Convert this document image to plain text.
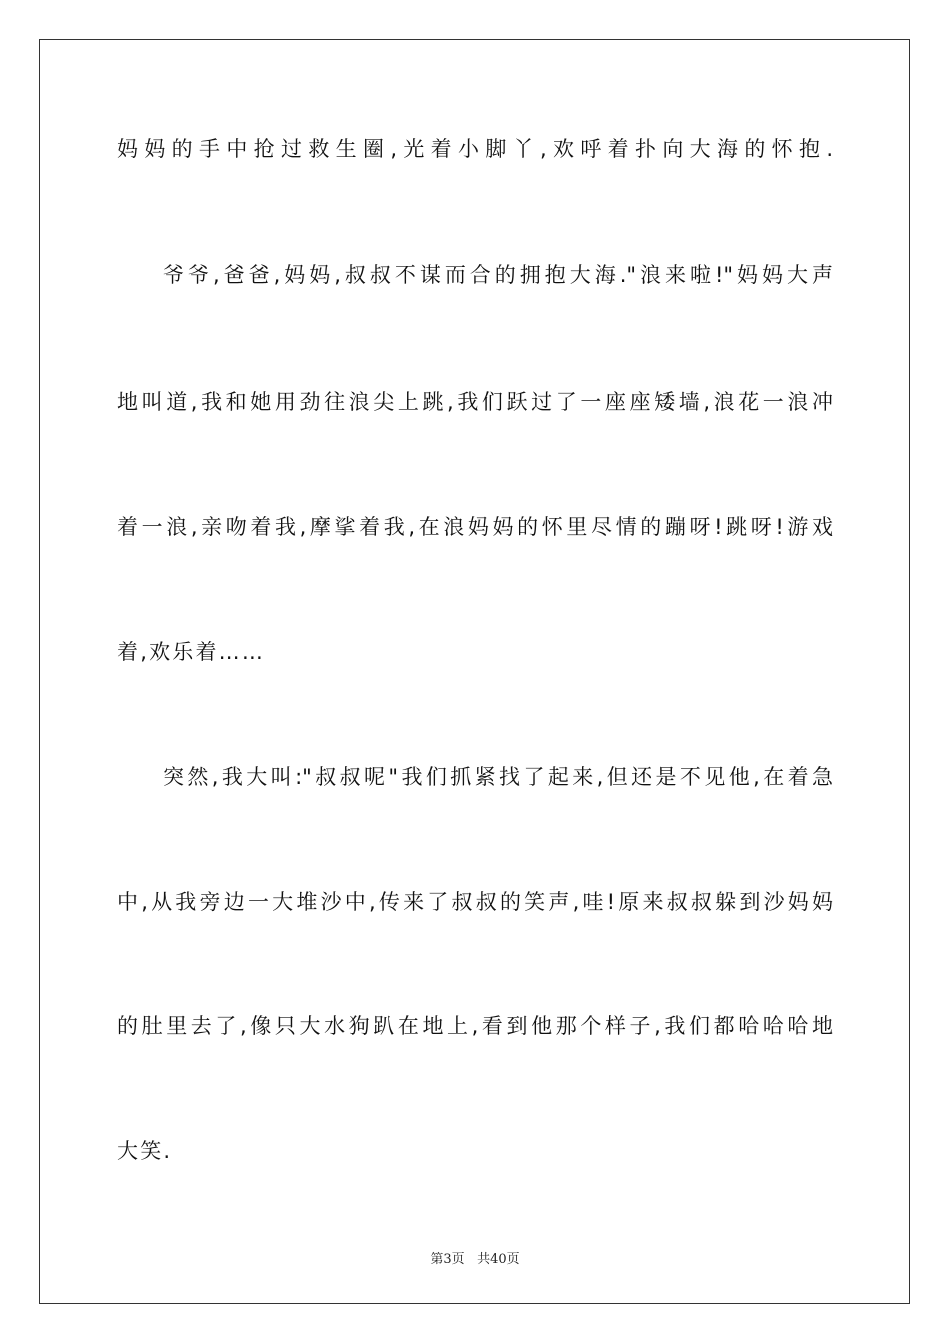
妈妈的手中抢过救生圈,光着小脚丫,欢呼着扑向大海的怀抱.
爷爷,爸爸,妈妈,叔叔不谋而合的拥抱大海."浪来啦!"妈妈大声
地叫道,我和她用劲往浪尖上跳,我们跃过了一座座矮墙,浪花一浪冲
着一浪,亲吻着我,摩挲着我,在浪妈妈的怀里尽情的蹦呀!跳呀!游戏
着,欢乐着……
突然,我大叫:"叔叔呢"我们抓紧找了起来,但还是不见他,在着急
中,从我旁边一大堆沙中,传来了叔叔的笑声,哇!原来叔叔躲到沙妈妈
的肚里去了,像只大水狗趴在地上,看到他那个样子,我们都哈哈哈地
大笑.
第3页 共40页
